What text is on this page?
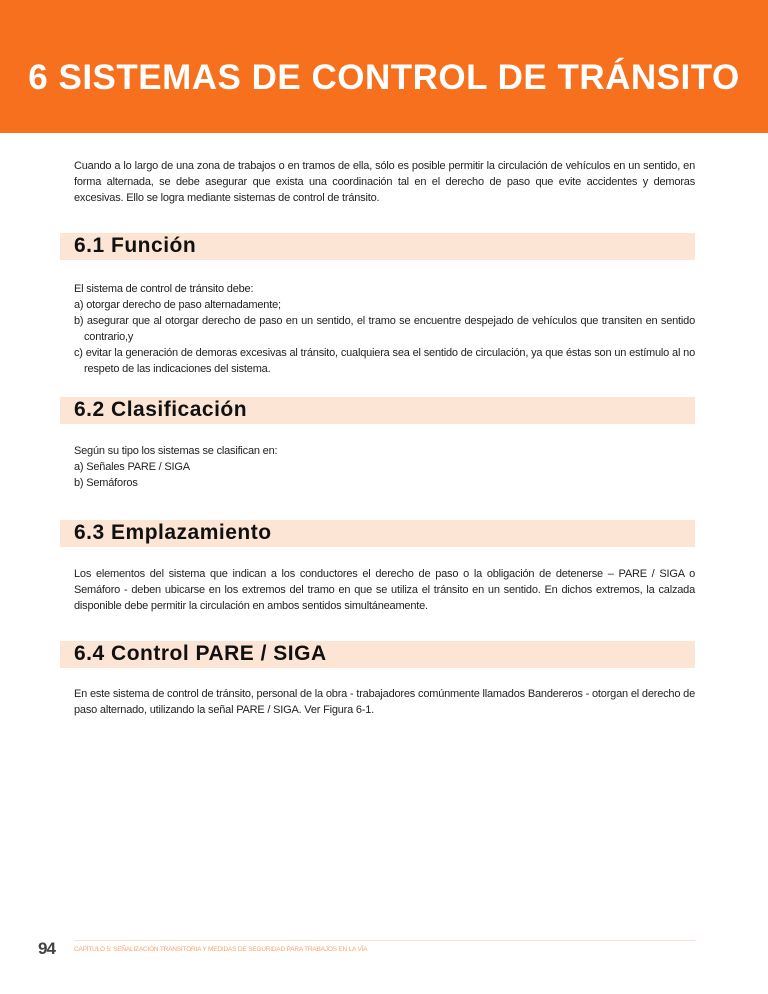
6 SISTEMAS DE CONTROL DE TRÁNSITO
Cuando a lo largo de una zona de trabajos o en tramos de ella, sólo es posible permitir la circulación de vehículos en un sentido, en forma alternada, se debe asegurar que exista una coordinación tal en el derecho de paso que evite accidentes y demoras excesivas. Ello se logra mediante sistemas de control de tránsito.
6.1 Función
El sistema de control de tránsito debe:
a) otorgar derecho de paso alternadamente;
b) asegurar que al otorgar derecho de paso en un sentido, el tramo se encuentre despejado de vehículos que transiten en sentido contrario,y
c) evitar la generación de demoras excesivas al tránsito, cualquiera sea el sentido de circulación, ya que éstas son un estímulo al no respeto de las indicaciones del sistema.
6.2 Clasificación
Según su tipo los sistemas se clasifican en:
a) Señales PARE / SIGA
b) Semáforos
6.3 Emplazamiento
Los elementos del sistema que indican a los conductores el derecho de paso o la obligación de detenerse – PARE / SIGA o Semáforo - deben ubicarse en los extremos del tramo en que se utiliza el tránsito en un sentido. En dichos extremos, la calzada disponible debe permitir la circulación en ambos sentidos simultáneamente.
6.4 Control PARE / SIGA
En este sistema de control de tránsito, personal de la obra - trabajadores comúnmente llamados Bandereros - otorgan el derecho de paso alternado, utilizando la señal PARE / SIGA. Ver Figura 6-1.
94	CAPÍTULO 5: SEÑALIZACIÓN TRANSITORIA Y MEDIDAS DE SEGURIDAD PARA TRABAJOS EN LA VÍA
